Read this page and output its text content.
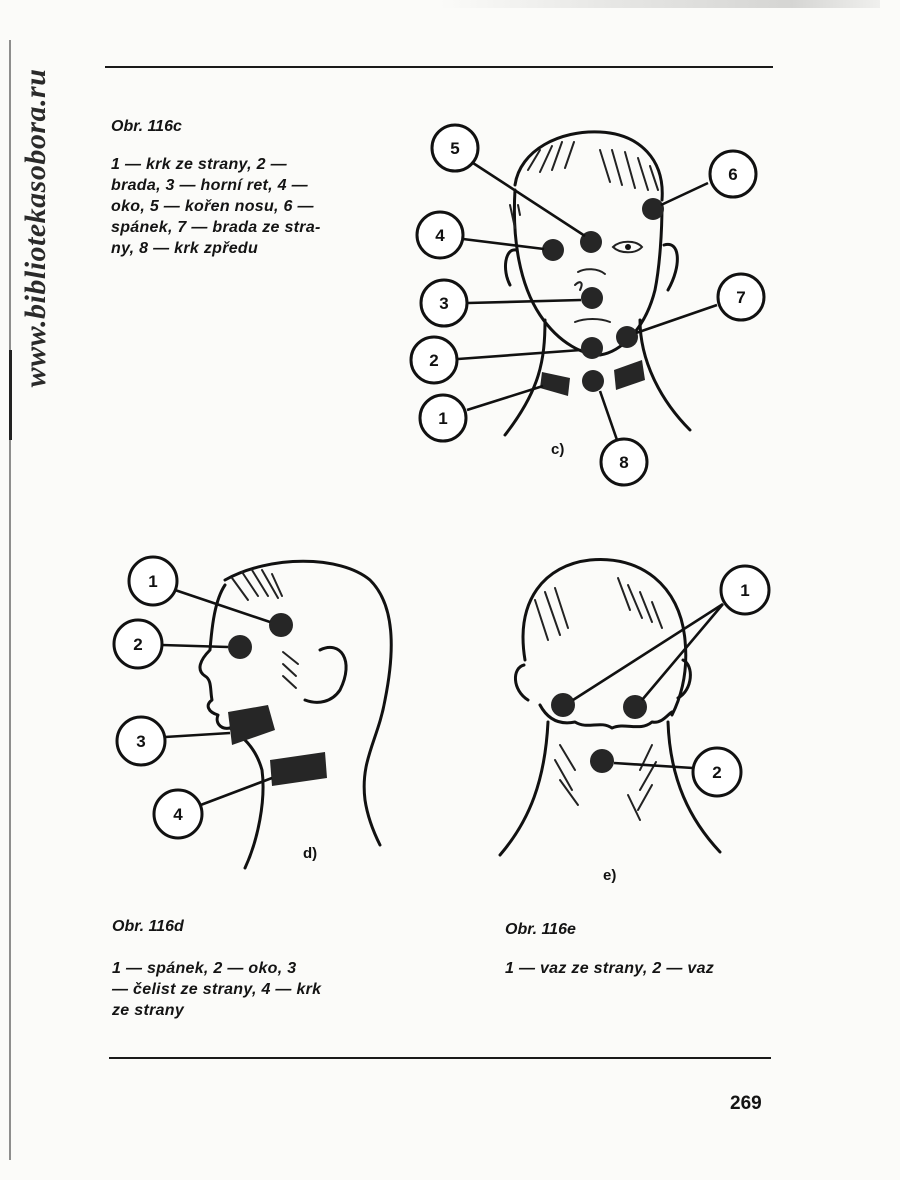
www.bibliotekasobora.ru	Obr. 116c
1 — krk ze strany, 2 —
brada, 3 — horní ret, 4 —
oko, 5 — kořen nosu, 6 —
spánek, 7 — brada ze stra-
ny, 8 — krk zpředu
5
6
4
3	7
2
1
8
c)
1
2
3
4
d)
1
2
e)
Obr. 116d
1 — spánek, 2 — oko, 3
— čelist ze strany, 4 — krk
ze strany
Obr. 116e
1 — vaz ze strany, 2 — vaz
269
